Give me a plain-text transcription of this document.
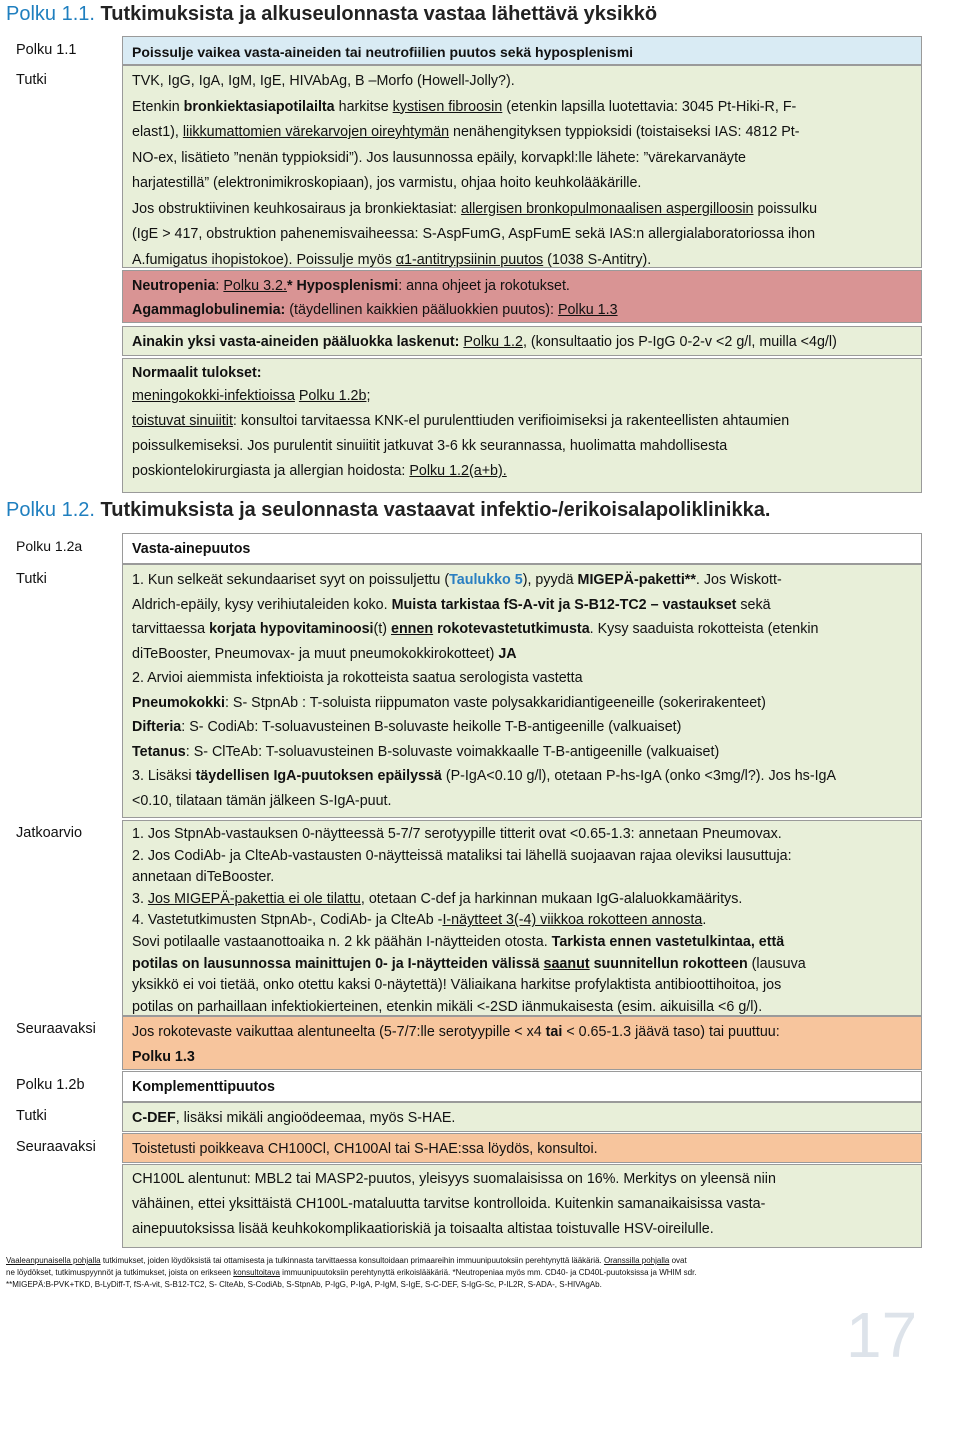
Polku 1.1. Tutkimuksista ja alkuseulonnasta vastaa lähettävä yksikkö
Polku 1.1
Tutki
Polku 1.2a
Tutki
Jatkoarvio
Seuraavaksi
Polku 1.2b
Tutki
Seuraavaksi
Poissulje vaikea vasta-aineiden tai neutrofiilien puutos sekä hyposplenismi
TVK, IgG, IgA, IgM, IgE, HIVAbAg, B –Morfo (Howell-Jolly?).
Etenkin bronkiektasiapotilailta harkitse kystisen fibroosin (etenkin lapsilla luotettavia: 3045 Pt-Hiki-R, F-
elast1), liikkumattomien värekarvojen oireyhtymän nenähengityksen typpioksidi (toistaiseksi IAS: 4812 Pt-
NO-ex, lisätieto ”nenän typpioksidi”). Jos lausunnossa epäily, korvapkl:lle lähete: ”värekarvanäyte
harjatestillä” (elektronimikroskopiaan), jos varmistu, ohjaa hoito keuhkolääkärille.
Jos obstruktiivinen keuhkosairaus ja bronkiektasiat: allergisen bronkopulmonaalisen aspergilloosin poissulku
(IgE > 417, obstruktion pahenemisvaiheessa: S-AspFumG, AspFumE sekä IAS:n allergialaboratoriossa ihon
A.fumigatus ihopistokoe). Poissulje myös α1-antitrypsiinin puutos (1038 S-Antitry).
Neutropenia: Polku 3.2.* Hyposplenismi: anna ohjeet ja rokotukset.
Agammaglobulinemia: (täydellinen kaikkien pääluokkien puutos): Polku 1.3
Ainakin yksi vasta-aineiden pääluokka laskenut: Polku 1.2, (konsultaatio jos P-IgG 0-2-v <2 g/l, muilla <4g/l)
Normaalit tulokset:
meningokokki-infektioissa Polku 1.2b;
toistuvat sinuiitit: konsultoi tarvitaessa KNK-el purulenttiuden verifioimiseksi ja rakenteellisten ahtaumien
poissulkemiseksi. Jos purulentit sinuiitit jatkuvat 3-6 kk seurannassa, huolimatta mahdollisesta
poskiontelokirurgiasta ja allergian hoidosta: Polku 1.2(a+b).
Polku 1.2. Tutkimuksista ja seulonnasta vastaavat infektio-/erikoisalapoliklinikka.
Vasta-ainepuutos
1. Kun selkeät sekundaariset syyt on poissuljettu (Taulukko 5), pyydä MIGEPÄ-paketti**. Jos Wiskott-
Aldrich-epäily, kysy verihiutaleiden koko. Muista tarkistaa fS-A-vit ja S-B12-TC2 – vastaukset sekä
tarvittaessa korjata hypovitaminoosi(t) ennen rokotevastetutkimusta. Kysy saaduista rokotteista (etenkin
diTeBooster, Pneumovax- ja muut pneumokokkirokotteet) JA
2. Arvioi aiemmista infektioista ja rokotteista saatua serologista vastetta
Pneumokokki: S- StpnAb : T-soluista riippumaton vaste polysakkaridiantigeeneille (sokerirakenteet)
Difteria: S- CodiAb: T-soluavusteinen B-soluvaste heikolle T-B-antigeenille (valkuaiset)
Tetanus: S- ClTeAb: T-soluavusteinen B-soluvaste voimakkaalle T-B-antigeenille (valkuaiset)
3. Lisäksi täydellisen IgA-puutoksen epäilyssä (P-IgA<0.10 g/l), otetaan P-hs-IgA (onko <3mg/l?). Jos hs-IgA
<0.10, tilataan tämän jälkeen S-IgA-puut.
1. Jos StpnAb-vastauksen 0-näytteessä 5-7/7 serotyypille titterit ovat <0.65-1.3: annetaan Pneumovax.
2. Jos CodiAb- ja ClteAb-vastausten 0-näytteissä mataliksi tai lähellä suojaavan rajaa oleviksi lausuttuja:
annetaan diTeBooster.
3. Jos MIGEPÄ-pakettia ei ole tilattu, otetaan C-def ja harkinnan mukaan IgG-alaluokkamääritys.
4. Vastetutkimusten StpnAb-, CodiAb- ja ClteAb -I-näytteet 3(-4) viikkoa rokotteen annosta.
Sovi potilaalle vastaanottoaika n. 2 kk päähän I-näytteiden otosta. Tarkista ennen vastetulkintaa, että
potilas on lausunnossa mainittujen 0- ja I-näytteiden välissä saanut suunnitellun rokotteen (lausuva
yksikkö ei voi tietää, onko otettu kaksi 0-näytettä)! Väliaikana harkitse profylaktista antibioottihoitoa, jos
potilas on parhaillaan infektiokierteinen, etenkin mikäli <-2SD iänmukaisesta (esim. aikuisilla <6 g/l).
Jos rokotevaste vaikuttaa alentuneelta (5-7/7:lle serotyypille < x4 tai < 0.65-1.3 jäävä taso) tai puuttuu:
Polku 1.3
Komplementtipuutos
C-DEF, lisäksi mikäli angioödeemaa, myös S-HAE.
Toistetusti poikkeava CH100Cl, CH100Al tai S-HAE:ssa löydös, konsultoi.
CH100L alentunut: MBL2 tai MASP2-puutos, yleisyys suomalaisissa on 16%. Merkitys on yleensä niin
vähäinen, ettei yksittäistä CH100L-mataluutta tarvitse kontrolloida. Kuitenkin samanaikaisissa vasta-
ainepuutoksissa lisää keuhkokomplikaatioriskiä ja toisaalta altistaa toistuvalle HSV-oireilulle.
Vaaleanpunaisella pohjalla tutkimukset, joiden löydöksistä tai ottamisesta ja tulkinnasta tarvittaessa konsultoidaan primaareihin immuunipuutoksiin perehtynyttä lääkäriä. Oranssilla pohjalla ovat
ne löydökset, tutkimuspyynnöt ja tutkimukset, joista on erikseen konsultoitava immuunipuutoksiin perehtynyttä erikoislääkäriä. *Neutropeniaa myös mm. CD40- ja CD40L-puutoksissa ja WHIM sdr.
**MIGEPÄ:B-PVK+TKD, B-LyDiff-T, fS-A-vit, S-B12-TC2, S- ClteAb, S-CodiAb, S-StpnAb, P-IgG, P-IgA, P-IgM, S-IgE, S-C-DEF, S-IgG-Sc, P-IL2R, S-ADA-, S-HIVAgAb.
17
